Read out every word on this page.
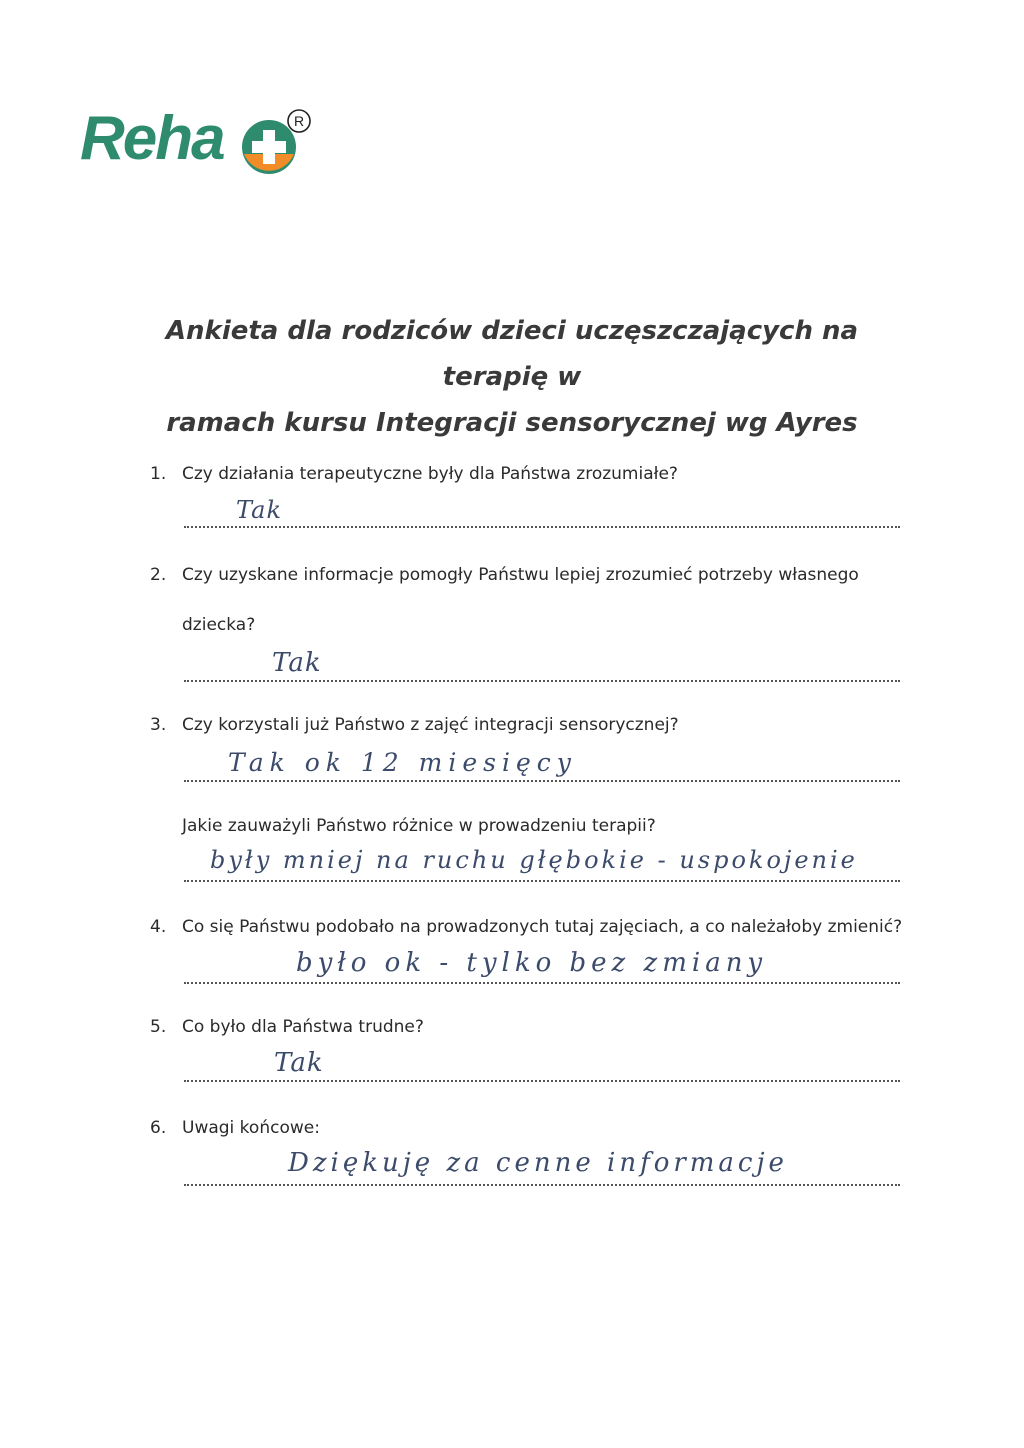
Reha	R
Ankieta dla rodziców dzieci uczęszczających na terapię w
ramach kursu Integracji sensorycznej wg Ayres
1. Czy działania terapeutyczne były dla Państwa zrozumiałe?
Tak
2. Czy uzyskane informacje pomogły Państwu lepiej zrozumieć potrzeby własnego
dziecka?
Tak
3. Czy korzystali już Państwo z zajęć integracji sensorycznej?
Tak ok 12 miesięcy
Jakie zauważyli Państwo różnice w prowadzeniu terapii?
były mniej na ruchu głębokie - uspokojenie
4. Co się Państwu podobało na prowadzonych tutaj zajęciach, a co należałoby zmienić?
było ok - tylko bez zmiany
5. Co było dla Państwa trudne?
Tak
6. Uwagi końcowe:
Dziękuję za cenne informacje
